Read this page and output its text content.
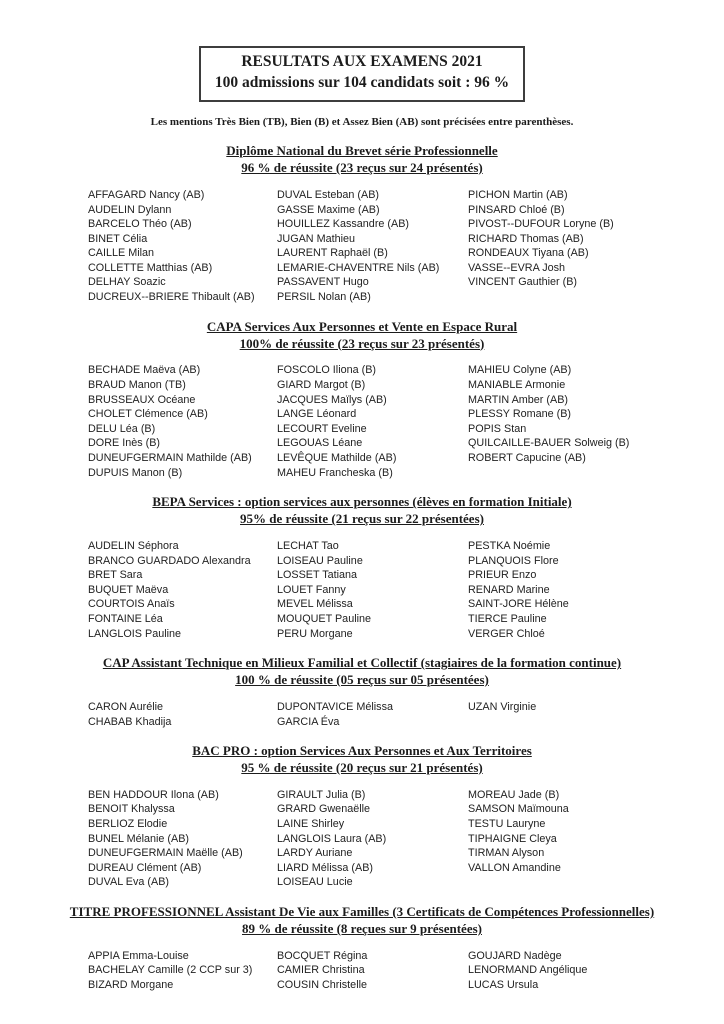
RESULTATS AUX EXAMENS 2021
100 admissions sur 104 candidats soit : 96 %
Les mentions Très Bien (TB), Bien (B) et Assez Bien (AB) sont précisées entre parenthèses.
Diplôme National du Brevet série Professionnelle
96 % de réussite (23 reçus sur 24 présentés)
AFFAGARD Nancy (AB)
AUDELIN Dylann
BARCELO Théo (AB)
BINET Célia
CAILLE Milan
COLLETTE Matthias (AB)
DELHAY Soazic
DUCREUX--BRIERE Thibault (AB)
DUVAL Esteban (AB)
GASSE Maxime (AB)
HOUILLEZ Kassandre (AB)
JUGAN Mathieu
LAURENT Raphaël (B)
LEMARIE-CHAVENTRE Nils (AB)
PASSAVENT Hugo
PERSIL Nolan (AB)
PICHON Martin (AB)
PINSARD Chloé (B)
PIVOST--DUFOUR Loryne (B)
RICHARD Thomas (AB)
RONDEAUX Tiyana (AB)
VASSE--EVRA Josh
VINCENT Gauthier (B)
CAPA Services Aux Personnes et Vente en Espace Rural
100% de réussite (23 reçus sur 23 présentés)
BECHADE Maëva (AB)
BRAUD Manon (TB)
BRUSSEAUX Océane
CHOLET Clémence (AB)
DELU Léa (B)
DORE Inès (B)
DUNEUFGERMAIN Mathilde (AB)
DUPUIS Manon (B)
FOSCOLO Iliona (B)
GIARD Margot (B)
JACQUES Maïlys (AB)
LANGE Léonard
LECOURT Eveline
LEGOUAS Léane
LEVÊQUE Mathilde (AB)
MAHEU Francheska (B)
MAHIEU Colyne (AB)
MANIABLE Armonie
MARTIN Amber (AB)
PLESSY Romane (B)
POPIS Stan
QUILCAILLE-BAUER Solweig (B)
ROBERT Capucine (AB)
BEPA Services : option services aux personnes (élèves en formation Initiale)
95% de réussite (21 reçus sur 22 présentées)
AUDELIN Séphora
BRANCO GUARDADO Alexandra
BRET Sara
BUQUET Maëva
COURTOIS Anaïs
FONTAINE Léa
LANGLOIS Pauline
LECHAT Tao
LOISEAU Pauline
LOSSET Tatiana
LOUET Fanny
MEVEL Mélissa
MOUQUET Pauline
PERU Morgane
PESTKA Noémie
PLANQUOIS Flore
PRIEUR Enzo
RENARD Marine
SAINT-JORE Hélène
TIERCE Pauline
VERGER Chloé
CAP Assistant Technique en Milieux Familial et Collectif (stagiaires de la formation continue)
100 % de réussite (05 reçus sur 05 présentées)
CARON Aurélie
CHABAB Khadija
DUPONTAVICE Mélissa
GARCIA Éva
UZAN Virginie
BAC PRO : option Services Aux Personnes et Aux Territoires
95 % de réussite (20 reçus sur 21 présentés)
BEN HADDOUR Ilona (AB)
BENOIT Khalyssa
BERLIOZ Elodie
BUNEL Mélanie (AB)
DUNEUFGERMAIN Maëlle (AB)
DUREAU Clément (AB)
DUVAL Eva (AB)
GIRAULT Julia (B)
GRARD Gwenaëlle
LAINE Shirley
LANGLOIS Laura (AB)
LARDY Auriane
LIARD Mélissa (AB)
LOISEAU Lucie
MOREAU Jade (B)
SAMSON Maïmouna
TESTU Lauryne
TIPHAIGNE Cleya
TIRMAN Alyson
VALLON Amandine
TITRE PROFESSIONNEL Assistant De Vie aux Familles (3 Certificats de Compétences Professionnelles)
89 % de réussite (8 reçues sur 9 présentées)
APPIA Emma-Louise
BACHELAY Camille (2 CCP sur 3)
BIZARD Morgane
BOCQUET Régina
CAMIER Christina
COUSIN Christelle
GOUJARD Nadège
LENORMAND Angélique
LUCAS Ursula
